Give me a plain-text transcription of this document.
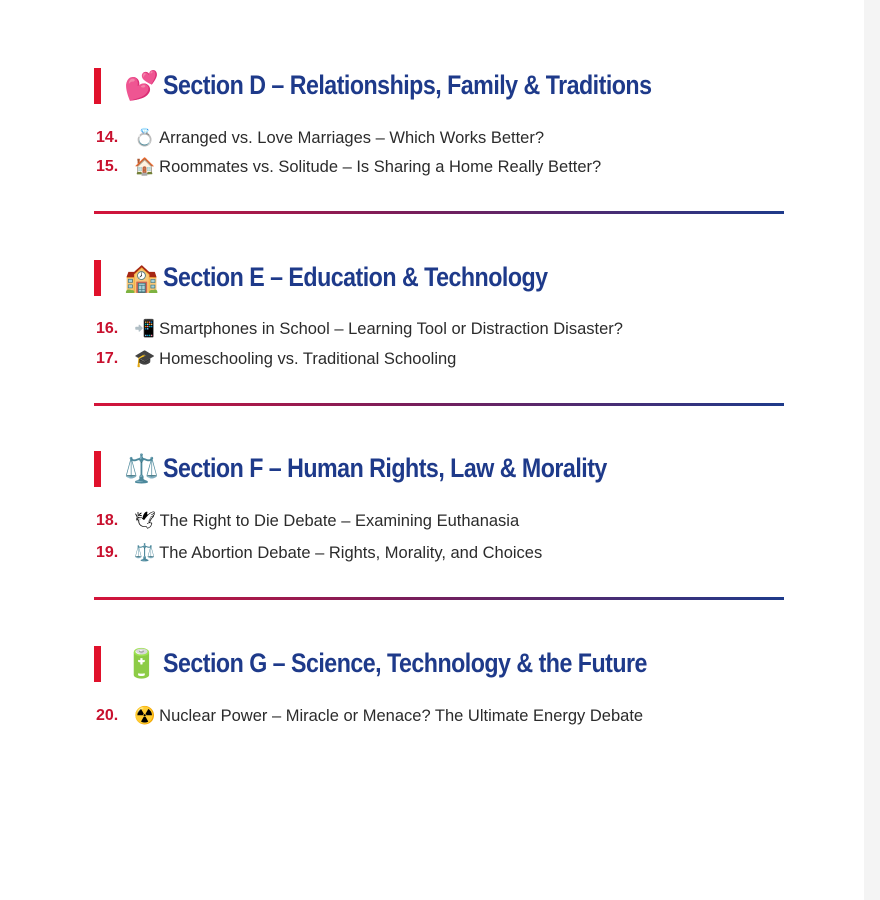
💕 Section D – Relationships, Family & Traditions
14. 💍 Arranged vs. Love Marriages – Which Works Better?
15. 🏠 Roommates vs. Solitude – Is Sharing a Home Really Better?
🏫 Section E – Education & Technology
16. 📲 Smartphones in School – Learning Tool or Distraction Disaster?
17. 🎓 Homeschooling vs. Traditional Schooling
⚖️ Section F – Human Rights, Law & Morality
18. 🕊 The Right to Die Debate – Examining Euthanasia
19. ⚖️ The Abortion Debate – Rights, Morality, and Choices
🔋 Section G – Science, Technology & the Future
20. ☢️ Nuclear Power – Miracle or Menace? The Ultimate Energy Debate
